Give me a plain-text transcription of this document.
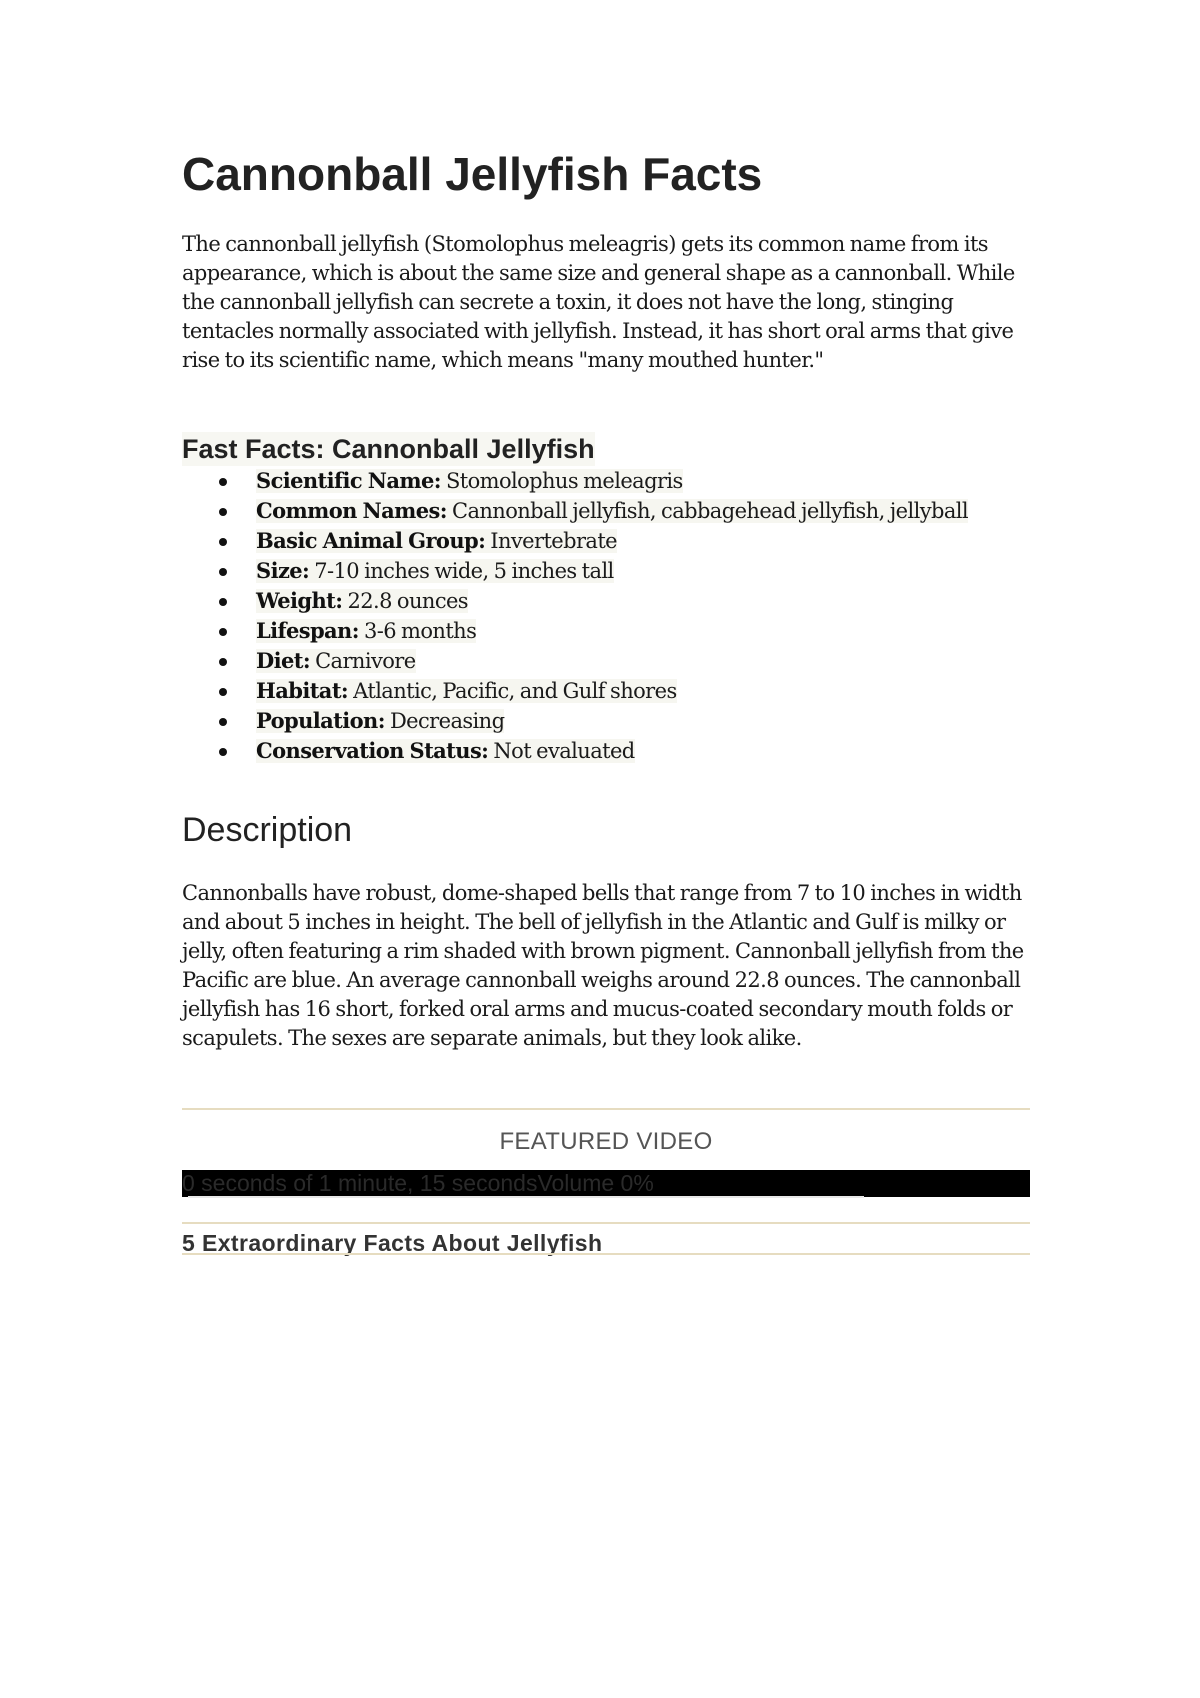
Cannonball Jellyfish Facts

The cannonball jellyfish (Stomolophus meleagris) gets its common name from its appearance, which is about the same size and general shape as a cannonball. While the cannonball jellyfish can secrete a toxin, it does not have the long, stinging tentacles normally associated with jellyfish. Instead, it has short oral arms that give rise to its scientific name, which means "many mouthed hunter."

Fast Facts: Cannonball Jellyfish
Scientific Name: Stomolophus meleagris
Common Names: Cannonball jellyfish, cabbagehead jellyfish, jellyball
Basic Animal Group: Invertebrate
Size: 7-10 inches wide, 5 inches tall
Weight: 22.8 ounces
Lifespan: 3-6 months
Diet: Carnivore
Habitat: Atlantic, Pacific, and Gulf shores
Population: Decreasing
Conservation Status: Not evaluated
Description

Cannonballs have robust, dome-shaped bells that range from 7 to 10 inches in width and about 5 inches in height. The bell of jellyfish in the Atlantic and Gulf is milky or jelly, often featuring a rim shaded with brown pigment. Cannonball jellyfish from the Pacific are blue. An average cannonball weighs around 22.8 ounces. The cannonball jellyfish has 16 short, forked oral arms and mucus-coated secondary mouth folds or scapulets. The sexes are separate animals, but they look alike.

FEATURED VIDEO
0 seconds of 1 minute, 15 secondsVolume 0%
5 Extraordinary Facts About Jellyfish
